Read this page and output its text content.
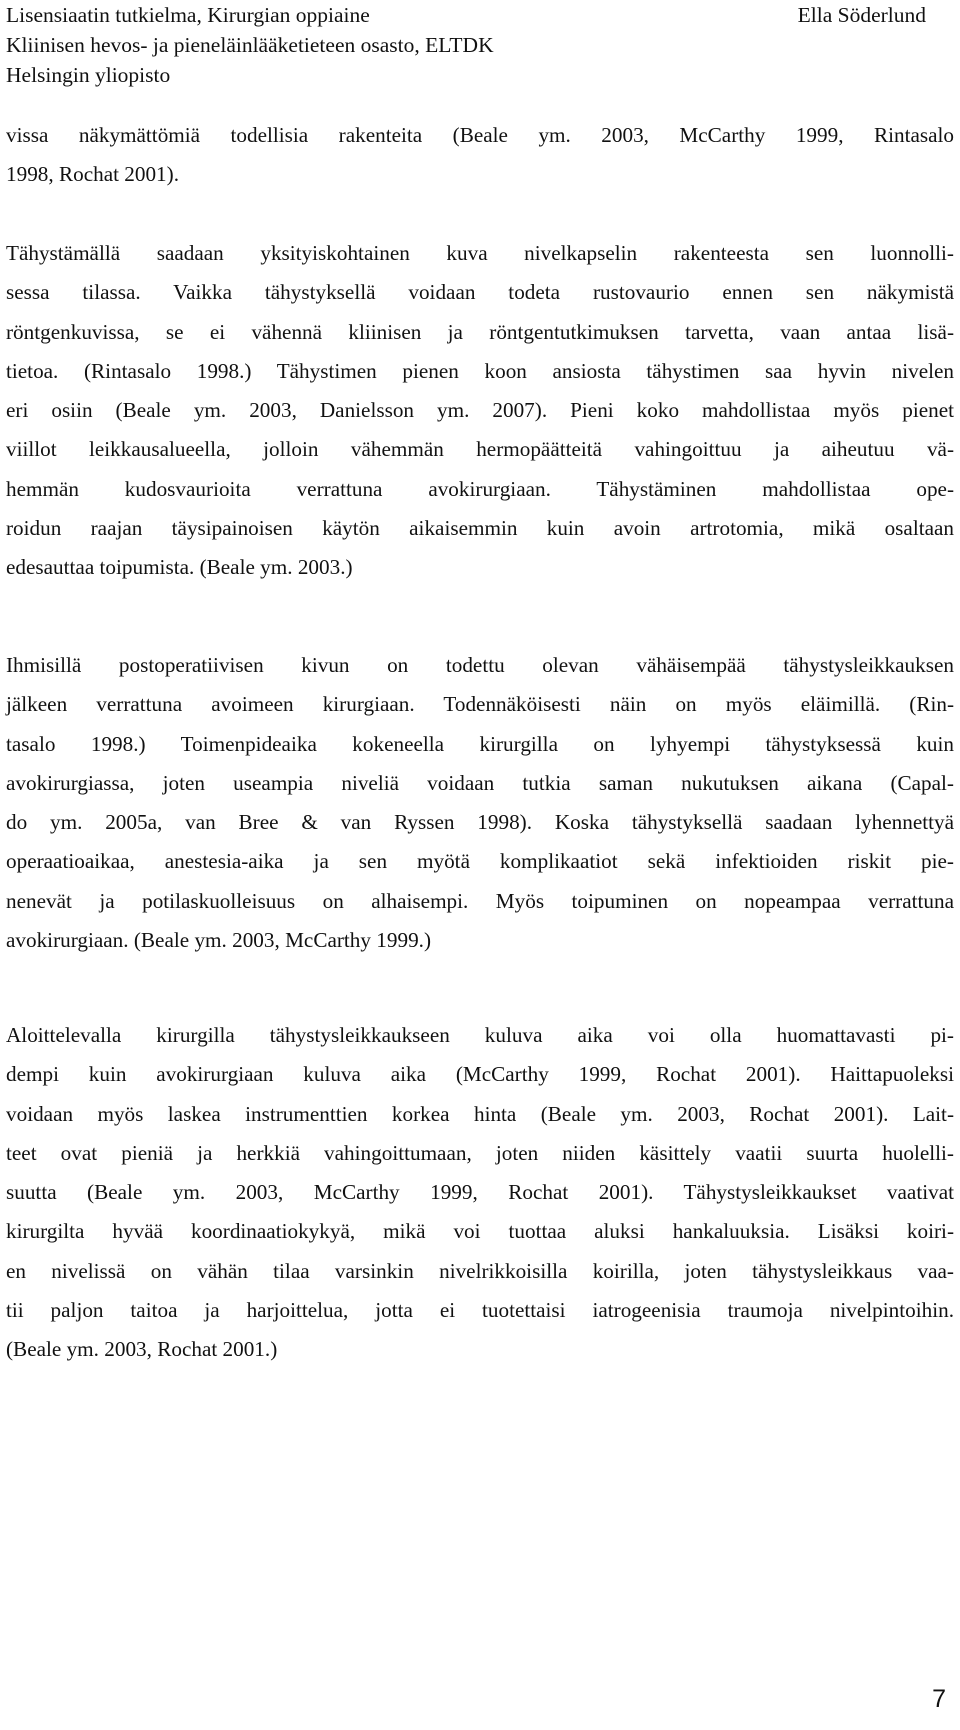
Lisensiaatin tutkielma, Kirurgian oppiaine
Kliinisen hevos- ja pieneläinlääketieteen osasto, ELTDK
Helsingin yliopisto
Ella Söderlund
vissa näkymättömiä todellisia rakenteita (Beale ym. 2003, McCarthy 1999, Rintasalo
1998, Rochat 2001).
Tähystämällä saadaan yksityiskohtainen kuva nivelkapselin rakenteesta sen luonnolli-
sessa tilassa. Vaikka tähystyksellä voidaan todeta rustovaurio ennen sen näkymistä
röntgenkuvissa, se ei vähennä kliinisen ja röntgentutkimuksen tarvetta, vaan antaa lisä-
tietoa. (Rintasalo 1998.) Tähystimen pienen koon ansiosta tähystimen saa hyvin nivelen
eri osiin (Beale ym. 2003, Danielsson ym. 2007). Pieni koko mahdollistaa myös pienet
viillot leikkausalueella, jolloin vähemmän hermopäätteitä vahingoittuu ja aiheutuu vä-
hemmän kudosvaurioita verrattuna avokirurgiaan. Tähystäminen mahdollistaa ope-
roidun raajan täysipainoisen käytön aikaisemmin kuin avoin artrotomia, mikä osaltaan
edesauttaa toipumista. (Beale ym. 2003.)
Ihmisillä postoperatiivisen kivun on todettu olevan vähäisempää tähystysleikkauksen
jälkeen verrattuna avoimeen kirurgiaan. Todennäköisesti näin on myös eläimillä. (Rin-
tasalo 1998.) Toimenpideaika kokeneella kirurgilla on lyhyempi tähystyksessä kuin
avokirurgiassa, joten useampia niveliä voidaan tutkia saman nukutuksen aikana (Capal-
do ym. 2005a, van Bree & van Ryssen 1998). Koska tähystyksellä saadaan lyhennettyä
operaatioaikaa, anestesia-aika ja sen myötä komplikaatiot sekä infektioiden riskit pie-
nenevät ja potilaskuolleisuus on alhaisempi. Myös toipuminen on nopeampaa verrattuna
avokirurgiaan. (Beale ym. 2003, McCarthy 1999.)
Aloittelevalla kirurgilla tähystysleikkaukseen kuluva aika voi olla huomattavasti pi-
dempi kuin avokirurgiaan kuluva aika (McCarthy 1999, Rochat 2001). Haittapuoleksi
voidaan myös laskea instrumenttien korkea hinta (Beale ym. 2003, Rochat 2001). Lait-
teet ovat pieniä ja herkkiä vahingoittumaan, joten niiden käsittely vaatii suurta huolelli-
suutta (Beale ym. 2003, McCarthy 1999, Rochat 2001). Tähystysleikkaukset vaativat
kirurgilta hyvää koordinaatiokykyä, mikä voi tuottaa aluksi hankaluuksia. Lisäksi koiri-
en nivelissä on vähän tilaa varsinkin nivelrikkoisilla koirilla, joten tähystysleikkaus vaa-
tii paljon taitoa ja harjoittelua, jotta ei tuotettaisi iatrogeenisia traumoja nivelpintoihin.
(Beale ym. 2003, Rochat 2001.)
7
